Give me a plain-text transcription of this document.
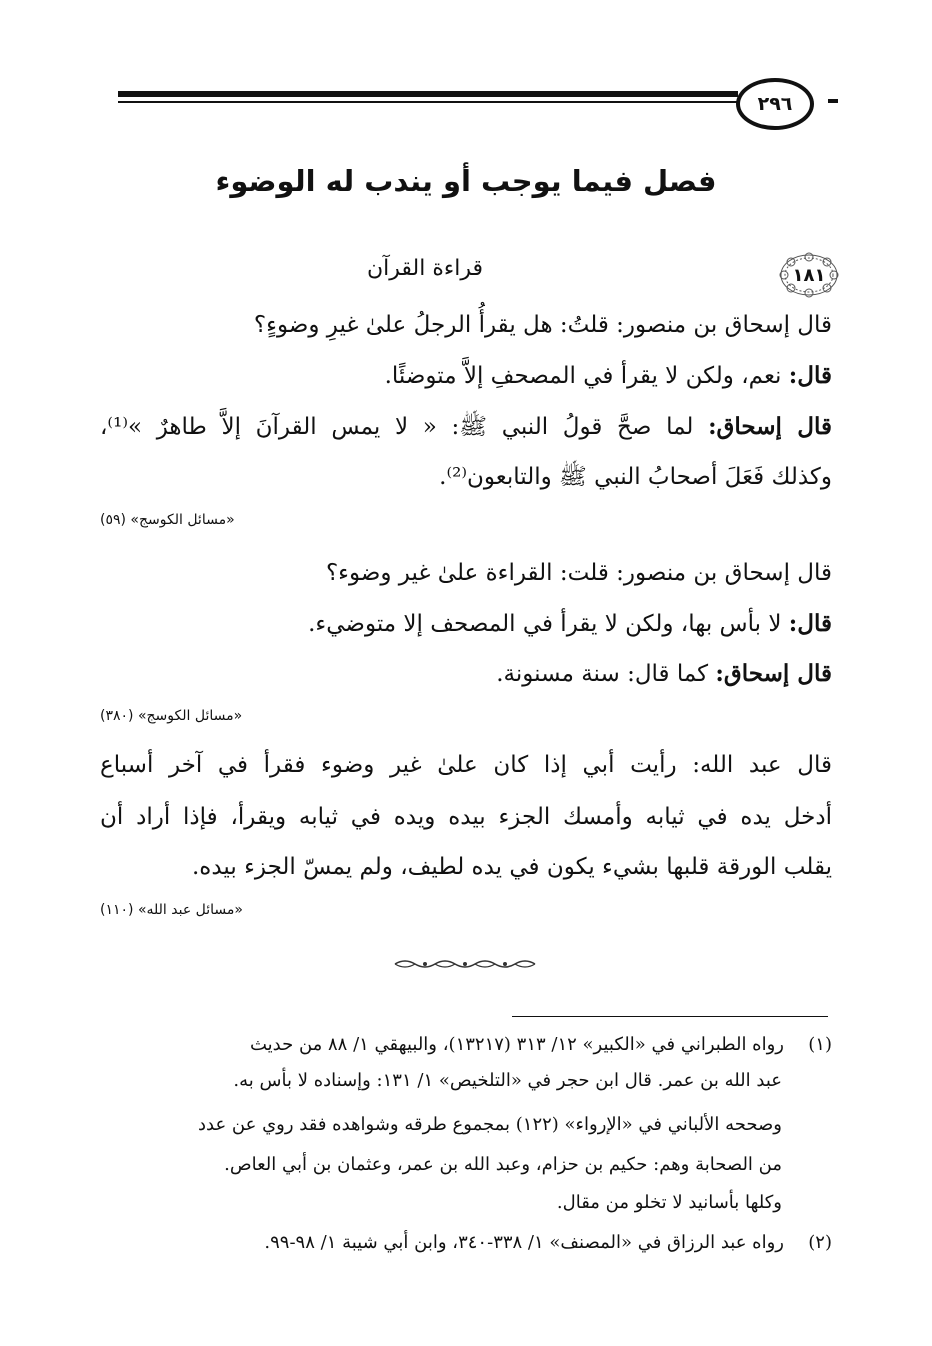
٢٩٦
فصل فيما يوجب أو يندب له الوضوء
١٨١
قراءة القرآن
قال إسحاق بن منصور: قلتُ: هل يقرأُ الرجلُ علىٰ غيرِ وضوءٍ؟
قال: نعم، ولكن لا يقرأ في المصحفِ إلاَّ متوضئًا.
قال إسحاق: لما صحَّ قولُ النبي ﷺ: « لا يمس القرآنَ إلاَّ طاهرٌ »⁽¹⁾،
وكذلك فَعَلَ أصحابُ النبي ﷺ والتابعون⁽²⁾.
«مسائل الكوسج» (٥٩)
قال إسحاق بن منصور: قلت: القراءة علىٰ غير وضوء؟
قال: لا بأس بها، ولكن لا يقرأ في المصحف إلا متوضيء.
قال إسحاق: كما قال: سنة مسنونة.
«مسائل الكوسج» (٣٨٠)
قال عبد الله: رأيت أبي إذا كان علىٰ غير وضوء فقرأ في آخر أسباع
أدخل يده في ثيابه وأمسك الجزء بيده ويده في ثيابه ويقرأ، فإذا أراد أن
يقلب الورقة قلبها بشيء يكون في يده لطيف، ولم يمسّ الجزء بيده.
«مسائل عبد الله» (١١٠)
(١)رواه الطبراني في «الكبير» ١٢/ ٣١٣ (١٣٢١٧)، والبيهقي ١/ ٨٨ من حديث
عبد الله بن عمر. قال ابن حجر في «التلخيص» ١/ ١٣١: وإسناده لا بأس به.
وصححه الألباني في «الإرواء» (١٢٢) بمجموع طرقه وشواهده فقد روي عن عدد
من الصحابة وهم: حكيم بن حزام، وعبد الله بن عمر، وعثمان بن أبي العاص.
وكلها بأسانيد لا تخلو من مقال.
(٢)رواه عبد الرزاق في «المصنف» ١/ ٣٣٨-٣٤٠، وابن أبي شيبة ١/ ٩٨-٩٩.
